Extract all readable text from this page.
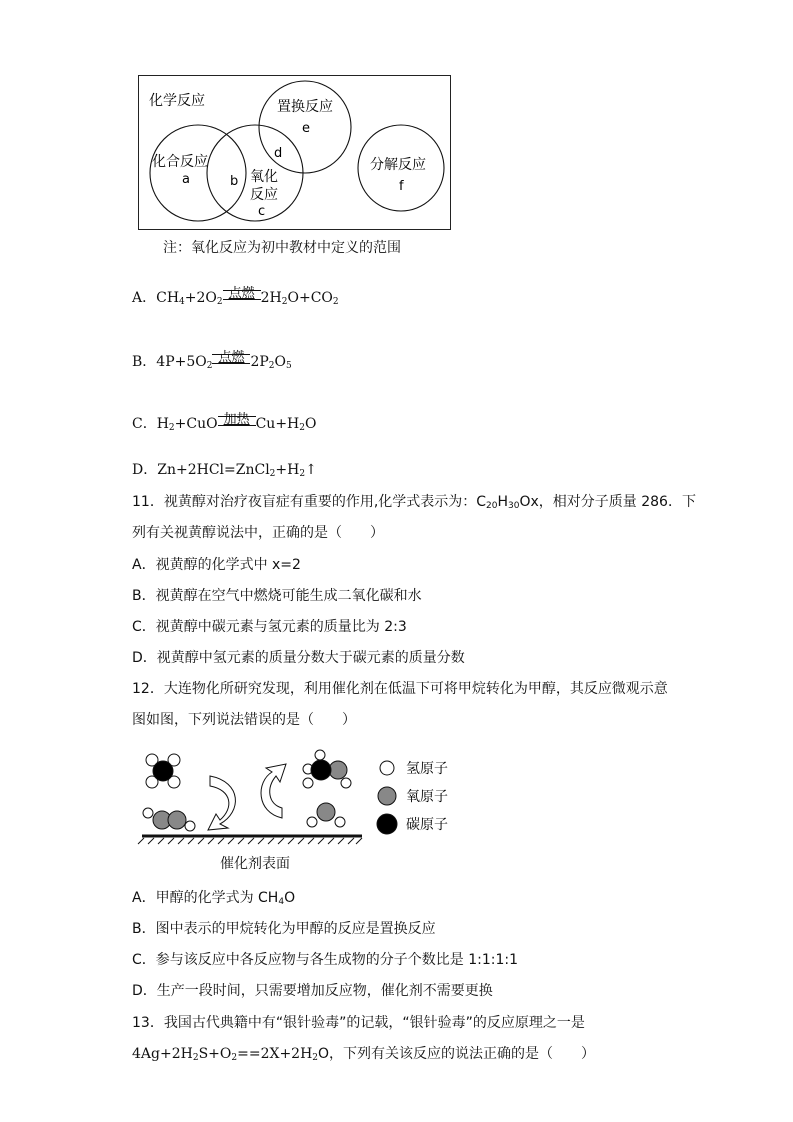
化学反应
化合反应
a	b 氧化
反应
c
d
置换反应
e
分解反应
f
注：氧化反应为初中教材中定义的范围
A．$CH_4+2O_2$
点燃 $2H_2O+CO_2$
B．$4P+5O_2$
点燃 $2P_2O_5$
C．$H_2+CuO$ 加热 $Cu+H_2O$
D．$Zn+2HCl=ZnCl_2+H_2↑$
11．视黄醇对治疗夜盲症有重要的作用,化学式表示为：$C_{20}H_{30}Ox$，相对分子质量 286．下
列有关视黄醇说法中，正确的是（　　）
A．视黄醇的化学式中 x=2
B．视黄醇在空气中燃烧可能生成二氧化碳和水
C．视黄醇中碳元素与氢元素的质量比为 2:3
D．视黄醇中氢元素的质量分数大于碳元素的质量分数
12．大连物化所研究发现，利用催化剂在低温下可将甲烷转化为甲醇，其反应微观示意
图如图，下列说法错误的是（　　）
氢原子
氧原子
碳原子
催化剂表面
A．甲醇的化学式为 $CH_4O$
B．图中表示的甲烷转化为甲醇的反应是置换反应
C．参与该反应中各反应物与各生成物的分子个数比是 1:1:1:1
D．生产一段时间，只需要增加反应物，催化剂不需要更换
13．我国古代典籍中有“银针验毒”的记载，“银针验毒”的反应原理之一是
$4Ag+2H_2S+O_2==2X+2H_2O$，下列有关该反应的说法正确的是（　　）
